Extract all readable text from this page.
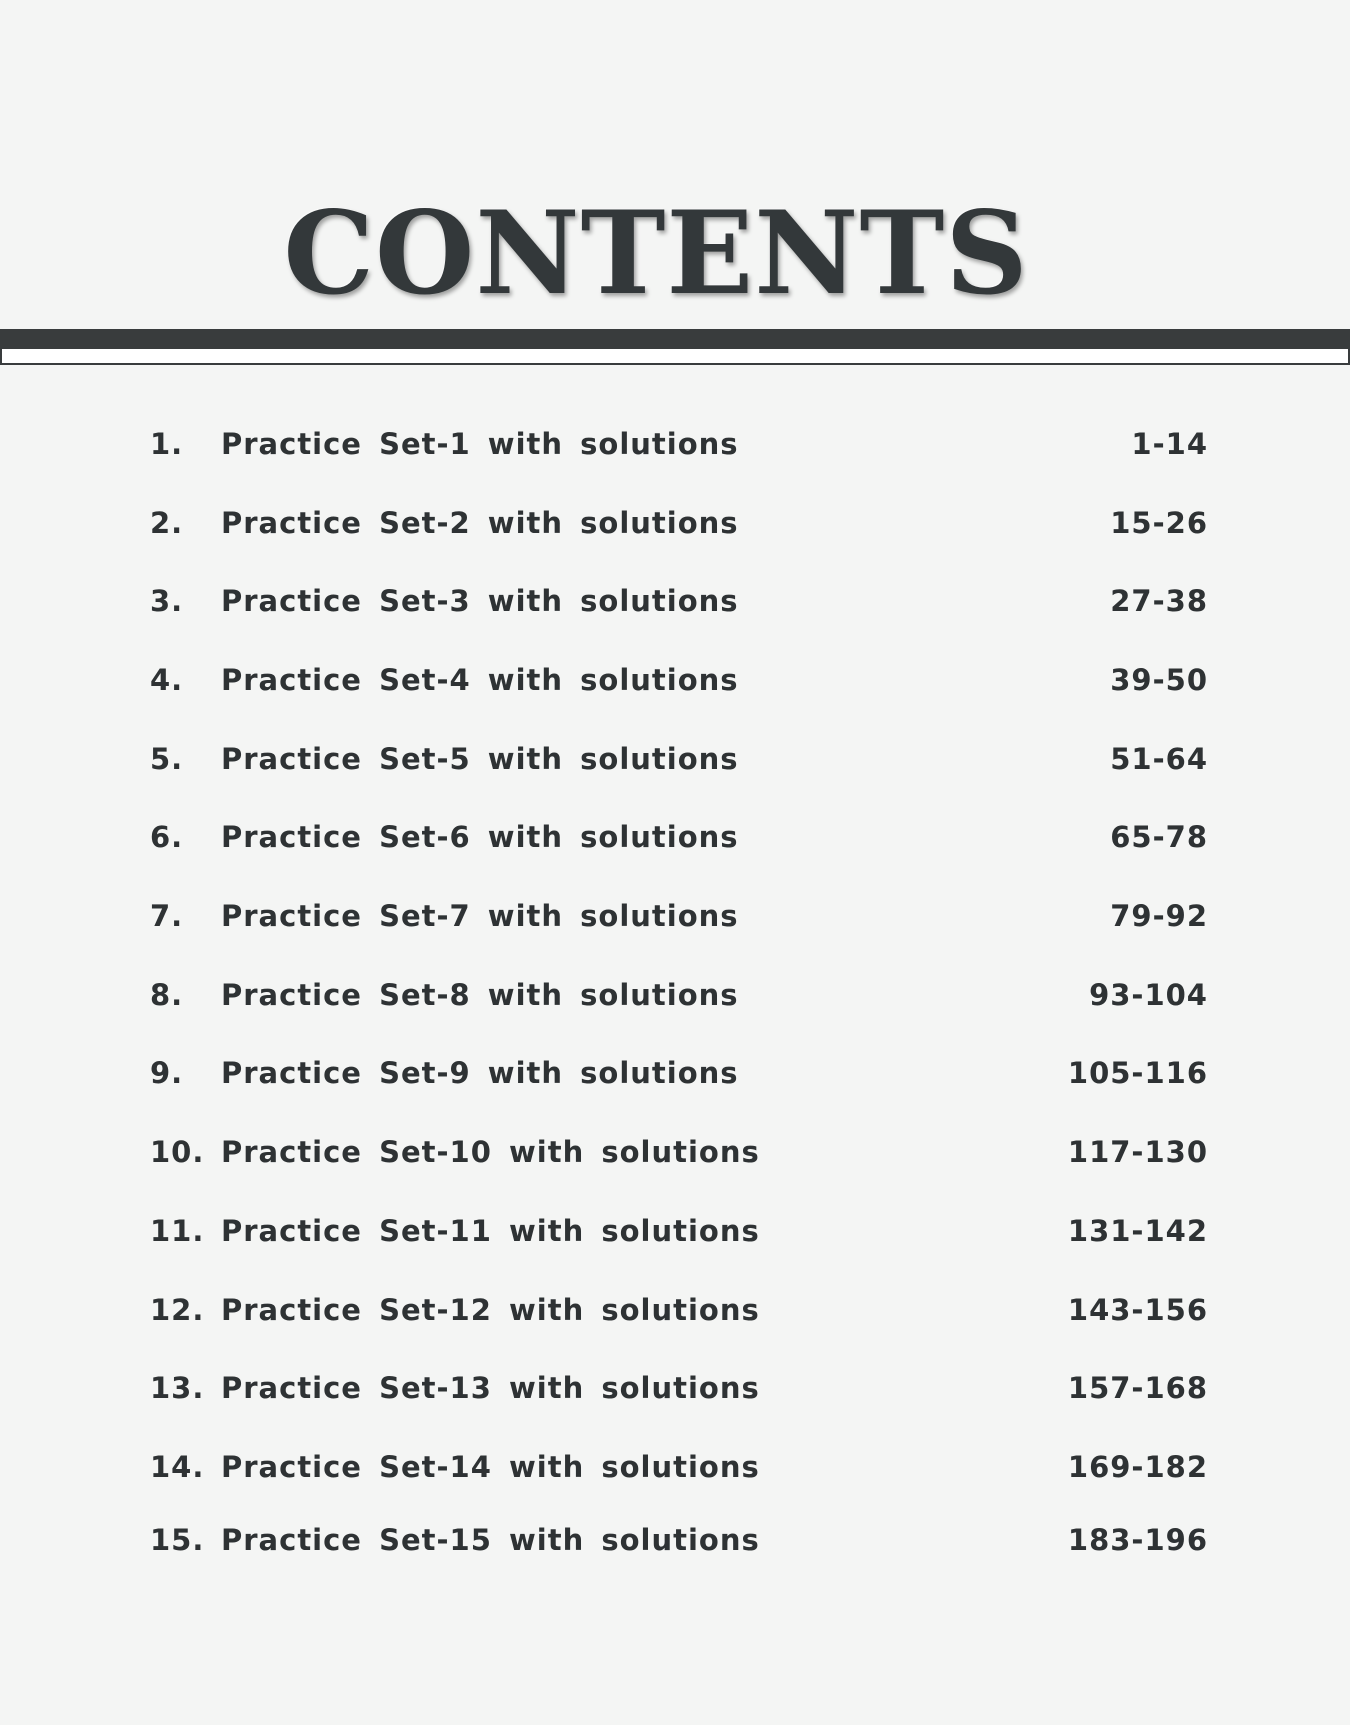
CONTENTS
1. Practice Set-1 with solutions	1-14
2. Practice Set-2 with solutions	15-26
3. Practice Set-3 with solutions	27-38
4. Practice Set-4 with solutions	39-50
5. Practice Set-5 with solutions	51-64
6. Practice Set-6 with solutions	65-78
7. Practice Set-7 with solutions	79-92
8. Practice Set-8 with solutions	93-104
9. Practice Set-9 with solutions	105-116
10. Practice Set-10 with solutions	117-130
11. Practice Set-11 with solutions	131-142
12. Practice Set-12 with solutions	143-156
13. Practice Set-13 with solutions	157-168
14. Practice Set-14 with solutions	169-182
15. Practice Set-15 with solutions	183-196
